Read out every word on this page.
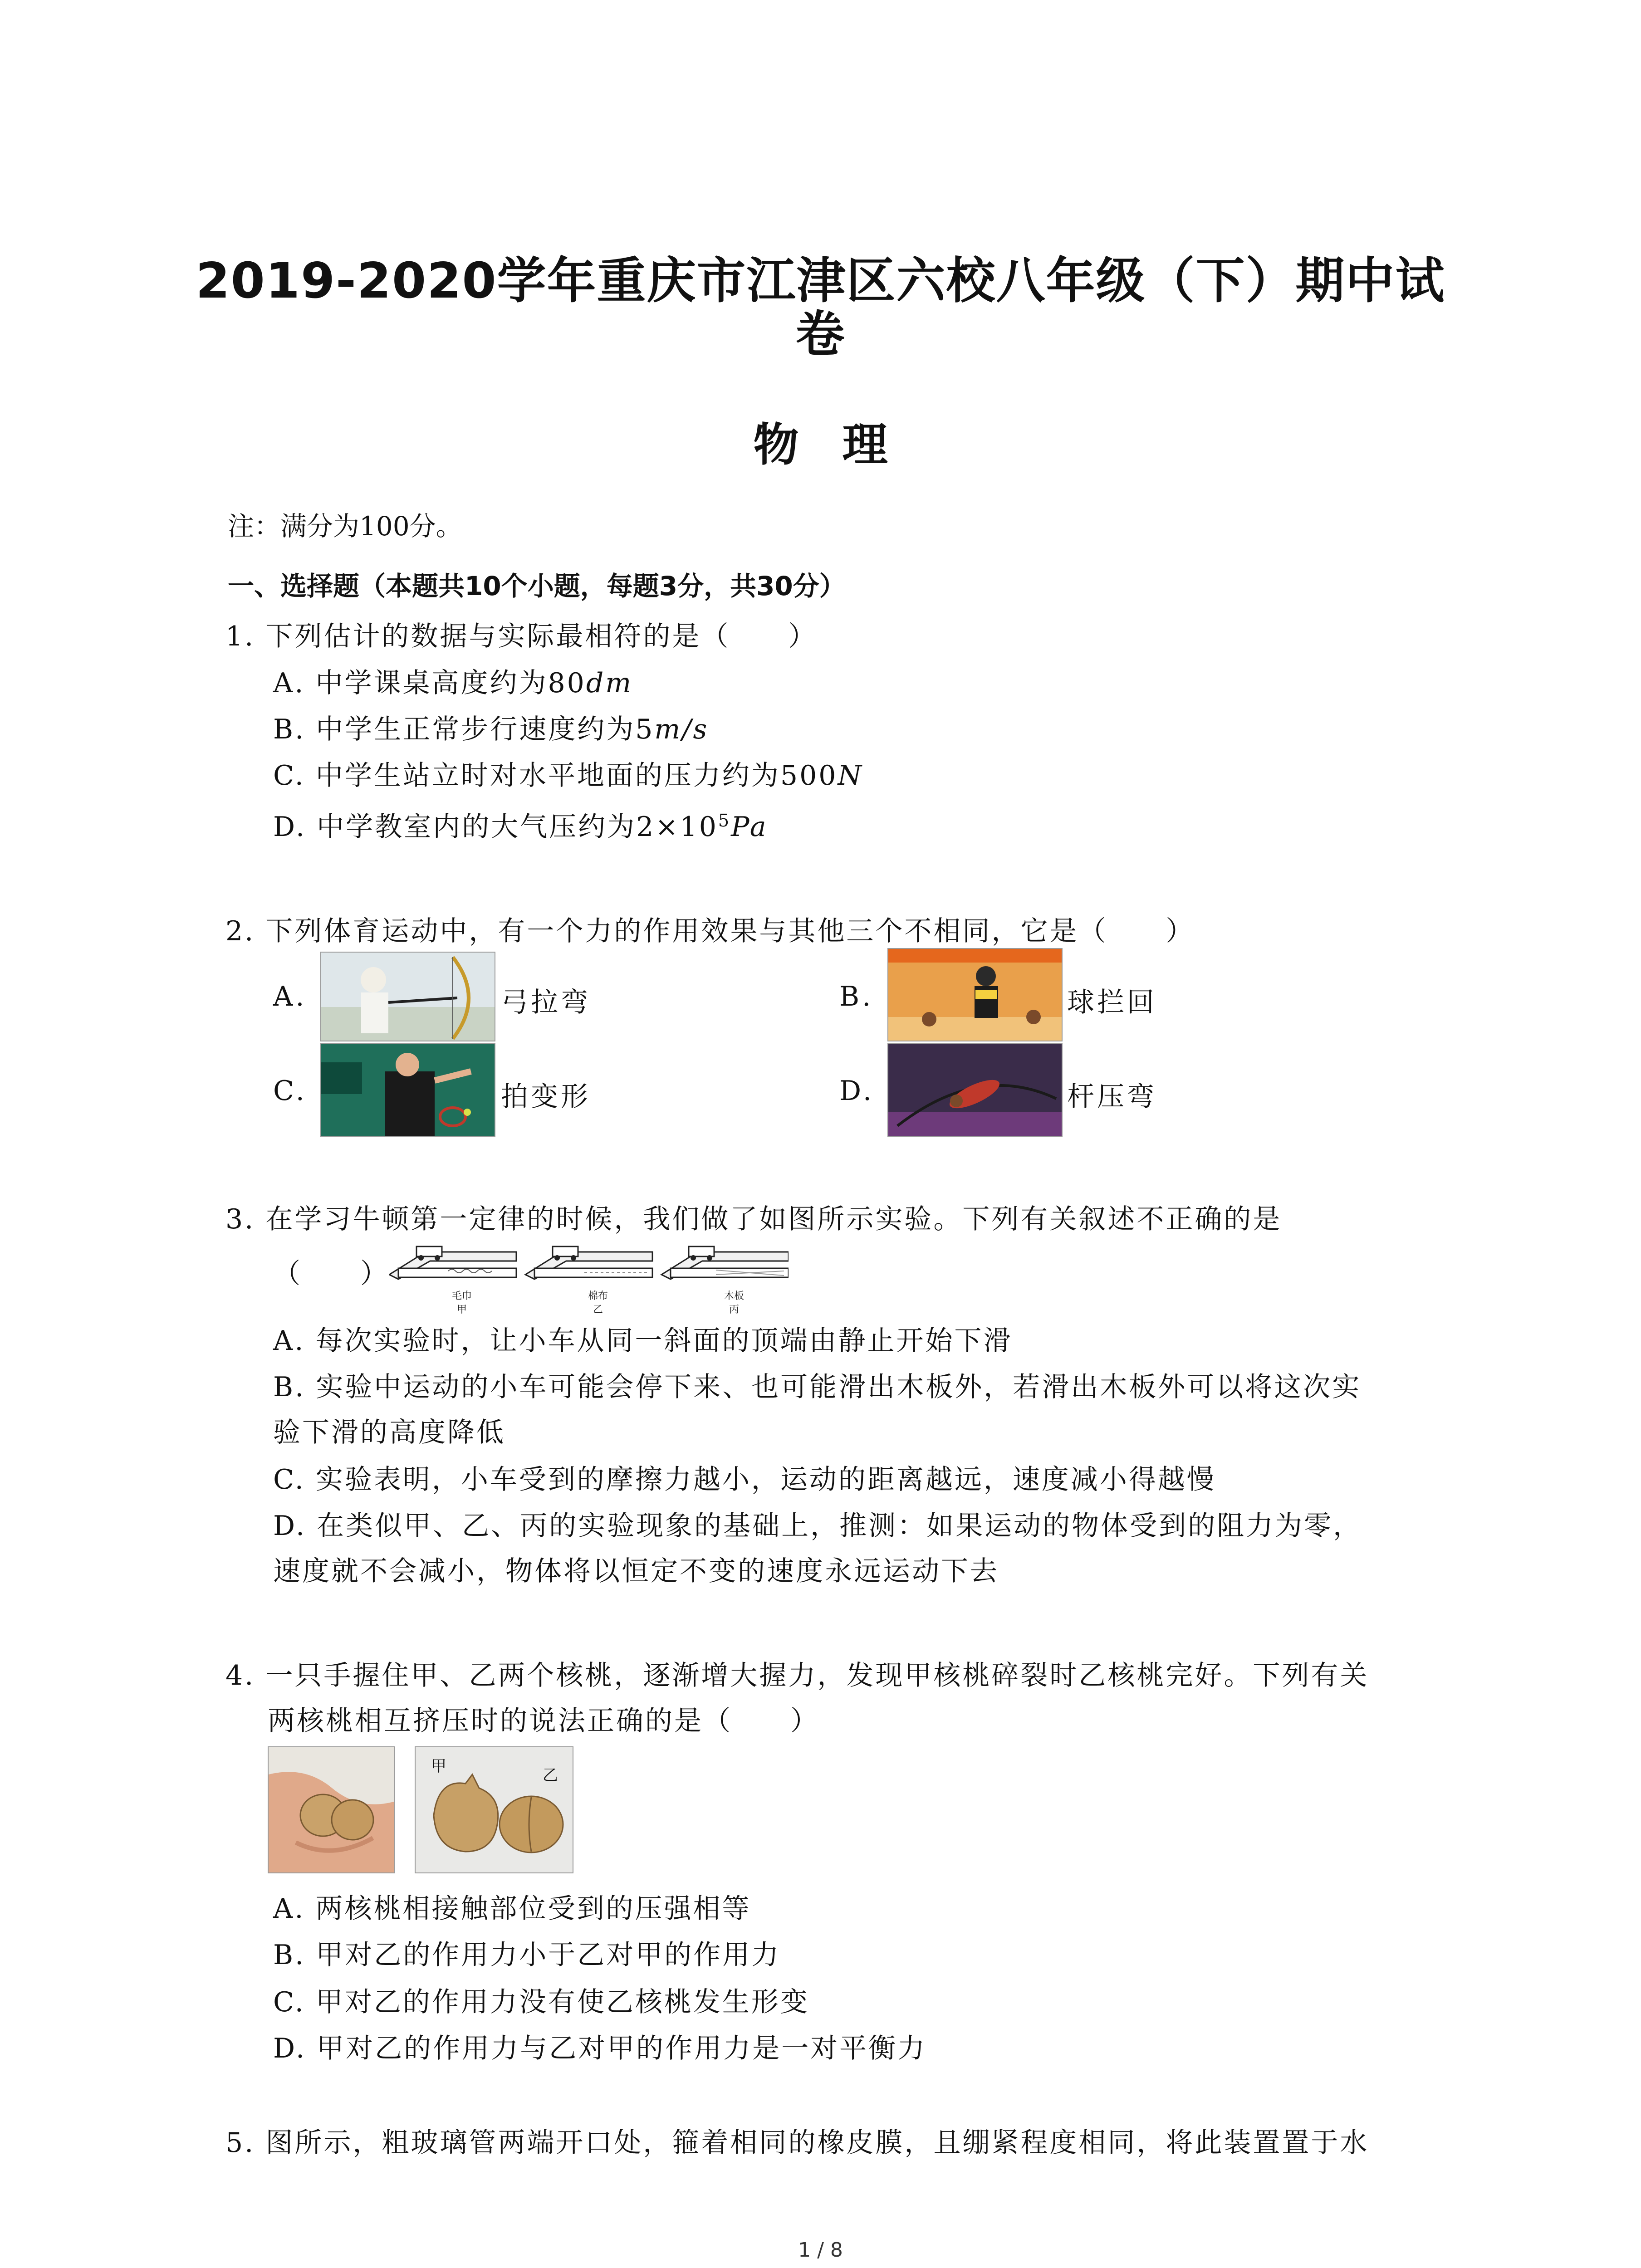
2019-2020学年重庆市江津区六校八年级（下）期中试
卷
物理
注：满分为100分。
一、选择题（本题共10个小题，每题3分，共30分）
1. 下列估计的数据与实际最相符的是（　　）
A. 中学课桌高度约为80dm
B. 中学生正常步行速度约为5m/s
C. 中学生站立时对水平地面的压力约为500N
D. 中学教室内的大气压约为$2\times 10^5Pa$
2. 下列体育运动中，有一个力的作用效果与其他三个不相同，它是（　　）
A.	弓拉弯	B.	球拦回
C.	拍变形	D.	杆压弯
3. 在学习牛顿第一定律的时候，我们做了如图所示实验。下列有关叙述不正确的是
（　　）
毛巾
甲
棉布
乙
木板
丙
A. 每次实验时，让小车从同一斜面的顶端由静止开始下滑
B. 实验中运动的小车可能会停下来、也可能滑出木板外，若滑出木板外可以将这次实
验下滑的高度降低
C. 实验表明，小车受到的摩擦力越小，运动的距离越远，速度减小得越慢
D. 在类似甲、乙、丙的实验现象的基础上，推测：如果运动的物体受到的阻力为零，
速度就不会减小，物体将以恒定不变的速度永远运动下去
4. 一只手握住甲、乙两个核桃，逐渐增大握力，发现甲核桃碎裂时乙核桃完好。下列有关
两核桃相互挤压时的说法正确的是（　　）
甲	乙
A. 两核桃相接触部位受到的压强相等
B. 甲对乙的作用力小于乙对甲的作用力
C. 甲对乙的作用力没有使乙核桃发生形变
D. 甲对乙的作用力与乙对甲的作用力是一对平衡力
5. 图所示，粗玻璃管两端开口处，箍着相同的橡皮膜，且绷紧程度相同，将此装置置于水
1 / 8
